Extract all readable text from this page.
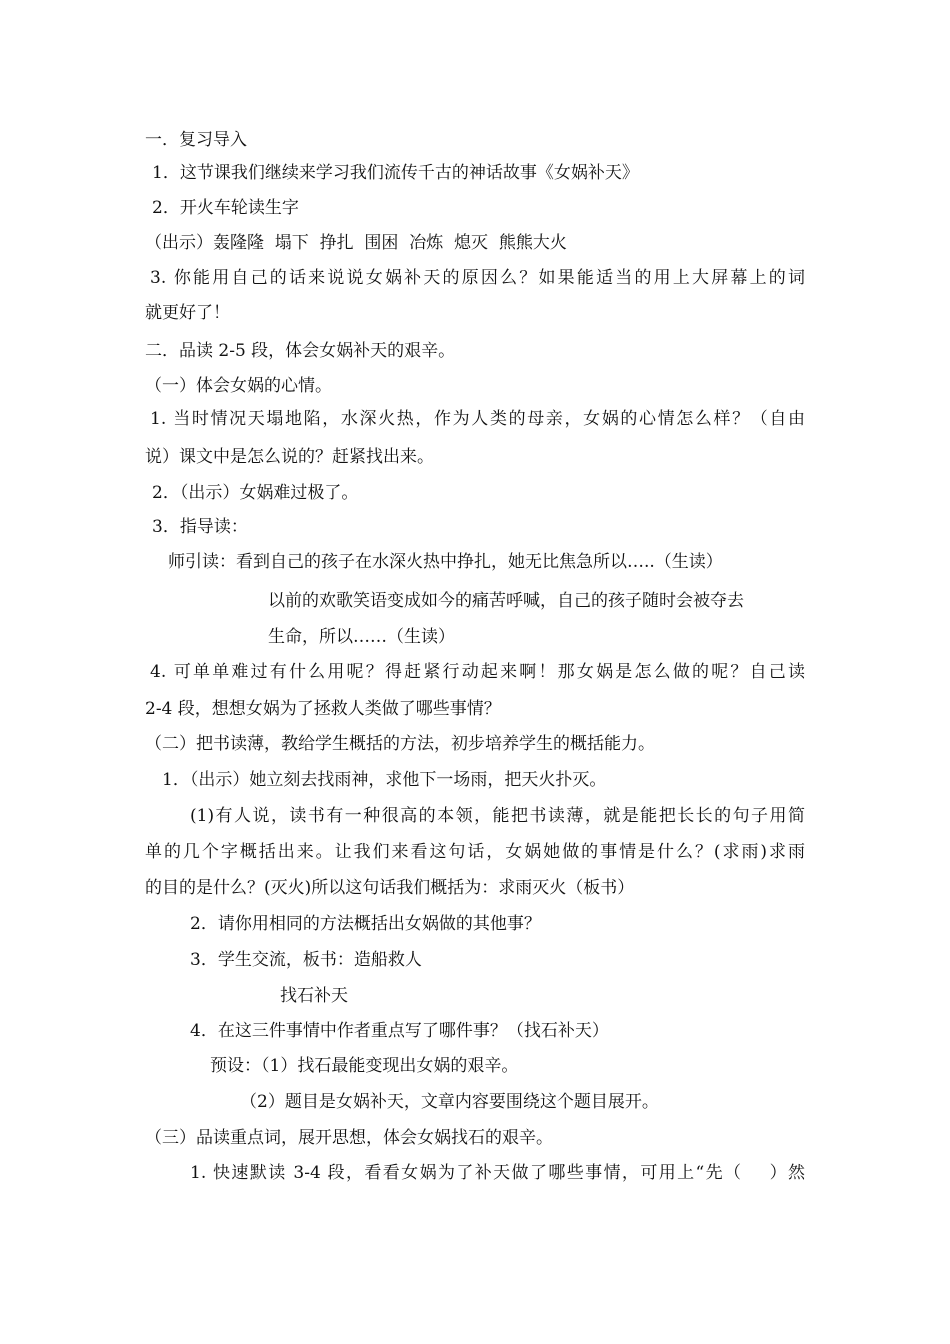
一．复习导入
1．这节课我们继续来学习我们流传千古的神话故事《女娲补天》
2．开火车轮读生字
（出示）轰隆隆  塌下  挣扎  围困  冶炼  熄灭  熊熊大火
3. 你能用自己的话来说说女娲补天的原因么？如果能适当的用上大屏幕上的词
就更好了！
二．品读 2-5 段，体会女娲补天的艰辛。
（一）体会女娲的心情。
1. 当时情况天塌地陷，水深火热，作为人类的母亲，女娲的心情怎么样？（自由
说）课文中是怎么说的？赶紧找出来。
2．（出示）女娲难过极了。
3．指导读：
师引读：看到自己的孩子在水深火热中挣扎，她无比焦急所以…..（生读）
以前的欢歌笑语变成如今的痛苦呼喊，自己的孩子随时会被夺去
生命，所以……（生读）
4. 可单单难过有什么用呢？得赶紧行动起来啊！那女娲是怎么做的呢？自己读
2-4 段，想想女娲为了拯救人类做了哪些事情？
（二）把书读薄，教给学生概括的方法，初步培养学生的概括能力。
1．（出示）她立刻去找雨神，求他下一场雨，把天火扑灭。
(1)有人说，读书有一种很高的本领，能把书读薄，就是能把长长的句子用简
单的几个字概括出来。让我们来看这句话，女娲她做的事情是什么？(求雨)求雨
的目的是什么？(灭火)所以这句话我们概括为：求雨灭火（板书）
2．请你用相同的方法概括出女娲做的其他事？
3．学生交流，板书：造船救人
找石补天
4．在这三件事情中作者重点写了哪件事？（找石补天）
预设：（1）找石最能变现出女娲的艰辛。
（2）题目是女娲补天，文章内容要围绕这个题目展开。
（三）品读重点词，展开思想，体会女娲找石的艰辛。
1. 快速默读 3-4 段，看看女娲为了补天做了哪些事情，可用上“先（    ）然
